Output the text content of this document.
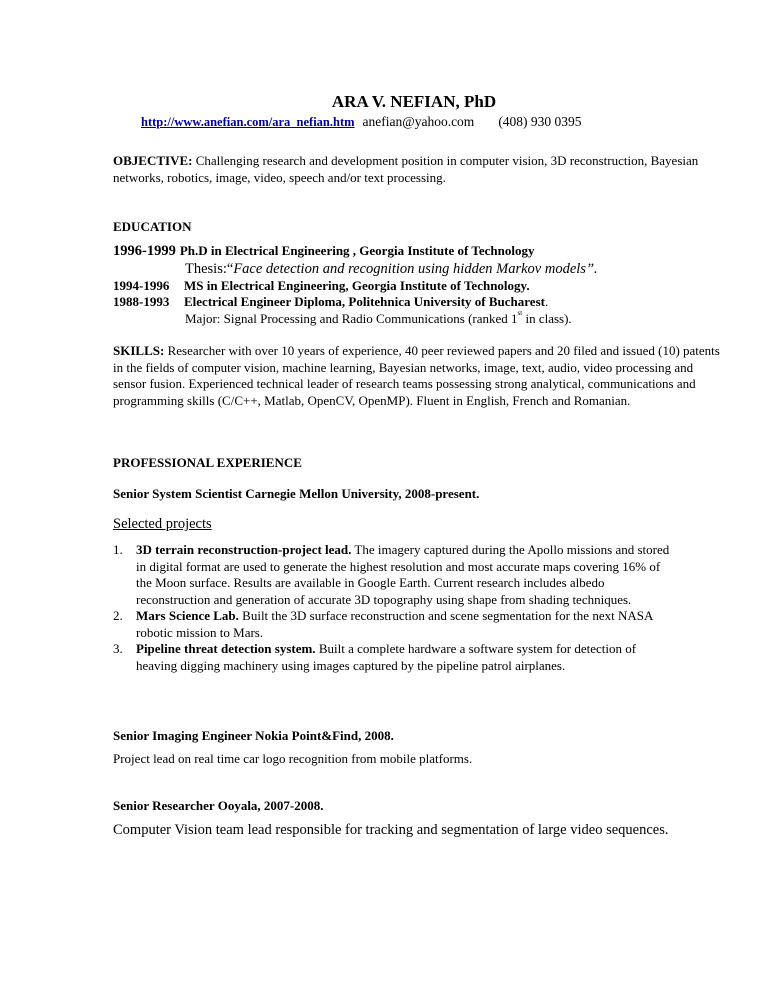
ARA V. NEFIAN, PhD
http://www.anefian.com/ara_nefian.htm anefian@yahoo.com (408) 930 0395
OBJECTIVE: Challenging research and development position in computer vision, 3D reconstruction, Bayesian networks, robotics, image, video, speech and/or text processing.
EDUCATION
1996-1999 Ph.D in Electrical Engineering , Georgia Institute of Technology
Thesis:“Face detection and recognition using hidden Markov models”.
1994-1996 MS in Electrical Engineering, Georgia Institute of Technology.
1988-1993 Electrical Engineer Diploma, Politehnica University of Bucharest.
Major: Signal Processing and Radio Communications (ranked 1st in class).
SKILLS: Researcher with over 10 years of experience, 40 peer reviewed papers and 20 filed and issued (10) patents in the fields of computer vision, machine learning, Bayesian networks, image, text, audio, video processing and sensor fusion. Experienced technical leader of research teams possessing strong analytical, communications and programming skills (C/C++, Matlab, OpenCV, OpenMP). Fluent in English, French and Romanian.
PROFESSIONAL EXPERIENCE
Senior System Scientist Carnegie Mellon University, 2008-present.
Selected projects
1. 3D terrain reconstruction-project lead. The imagery captured during the Apollo missions and stored in digital format are used to generate the highest resolution and most accurate maps covering 16% of the Moon surface. Results are available in Google Earth. Current research includes albedo reconstruction and generation of accurate 3D topography using shape from shading techniques.
2. Mars Science Lab. Built the 3D surface reconstruction and scene segmentation for the next NASA robotic mission to Mars.
3. Pipeline threat detection system. Built a complete hardware a software system for detection of heaving digging machinery using images captured by the pipeline patrol airplanes.
Senior Imaging Engineer Nokia Point&Find, 2008.
Project lead on real time car logo recognition from mobile platforms.
Senior Researcher Ooyala, 2007-2008.
Computer Vision team lead responsible for tracking and segmentation of large video sequences.
